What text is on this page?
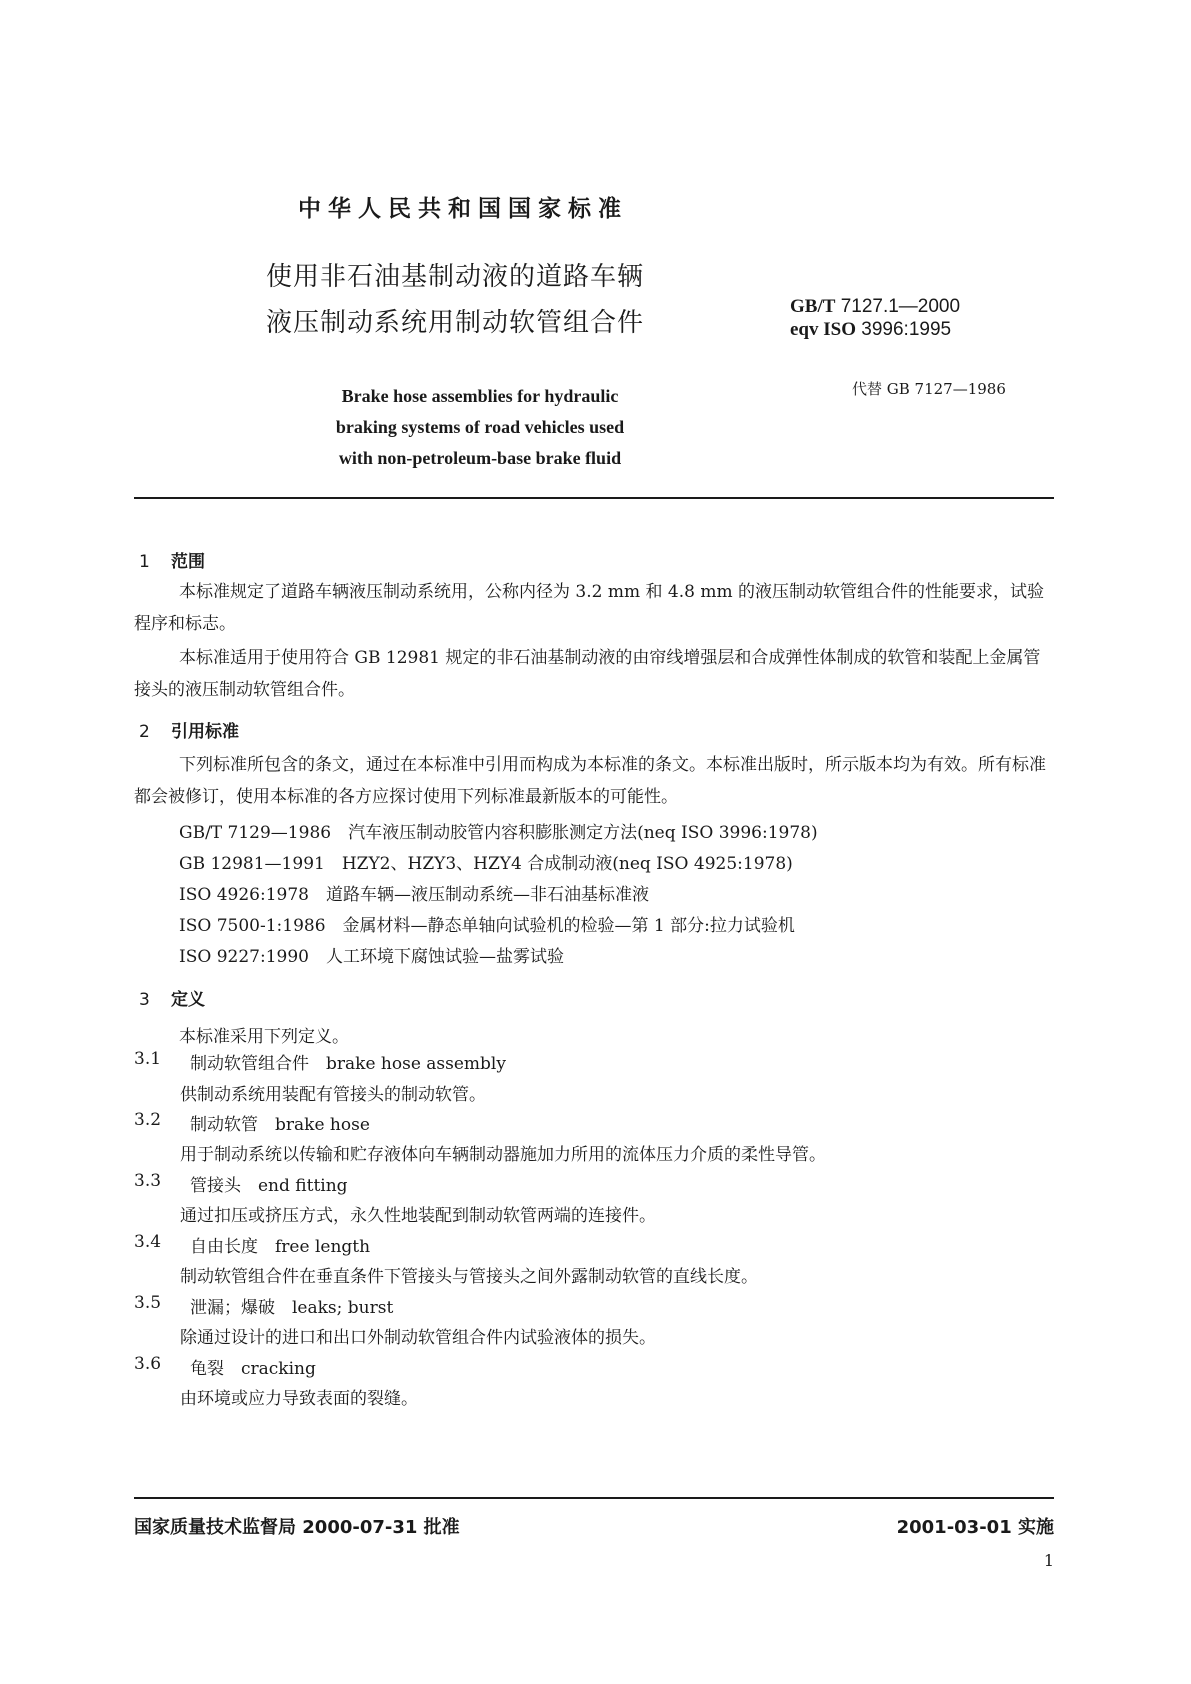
中华人民共和国国家标准
使用非石油基制动液的道路车辆
液压制动系统用制动软管组合件
GB/T 7127.1—2000
eqv ISO 3996:1995
代替 GB 7127—1986
Brake hose assemblies for hydraulic
braking systems of road vehicles used
with non-petroleum-base brake fluid
1 范围
本标准规定了道路车辆液压制动系统用，公称内径为 3.2 mm 和 4.8 mm 的液压制动软管组合件的性能要求，试验程序和标志。
本标准适用于使用符合 GB 12981 规定的非石油基制动液的由帘线增强层和合成弹性体制成的软管和装配上金属管接头的液压制动软管组合件。
2 引用标准
下列标准所包含的条文，通过在本标准中引用而构成为本标准的条文。本标准出版时，所示版本均为有效。所有标准都会被修订，使用本标准的各方应探讨使用下列标准最新版本的可能性。
GB/T 7129—1986　汽车液压制动胶管内容积膨胀测定方法(neq ISO 3996:1978)
GB 12981—1991　HZY2、HZY3、HZY4 合成制动液(neq ISO 4925:1978)
ISO 4926:1978　道路车辆—液压制动系统—非石油基标准液
ISO 7500-1:1986　金属材料—静态单轴向试验机的检验—第 1 部分:拉力试验机
ISO 9227:1990　人工环境下腐蚀试验—盐雾试验
3 定义
本标准采用下列定义。
3.1 制动软管组合件　brake hose assembly
供制动系统用装配有管接头的制动软管。
3.2 制动软管　brake hose
用于制动系统以传输和贮存液体向车辆制动器施加力所用的流体压力介质的柔性导管。
3.3 管接头　end fitting
通过扣压或挤压方式，永久性地装配到制动软管两端的连接件。
3.4 自由长度　free length
制动软管组合件在垂直条件下管接头与管接头之间外露制动软管的直线长度。
3.5 泄漏；爆破　leaks; burst
除通过设计的进口和出口外制动软管组合件内试验液体的损失。
3.6 龟裂　cracking
由环境或应力导致表面的裂缝。
国家质量技术监督局 2000-07-31 批准	2001-03-01 实施
1
